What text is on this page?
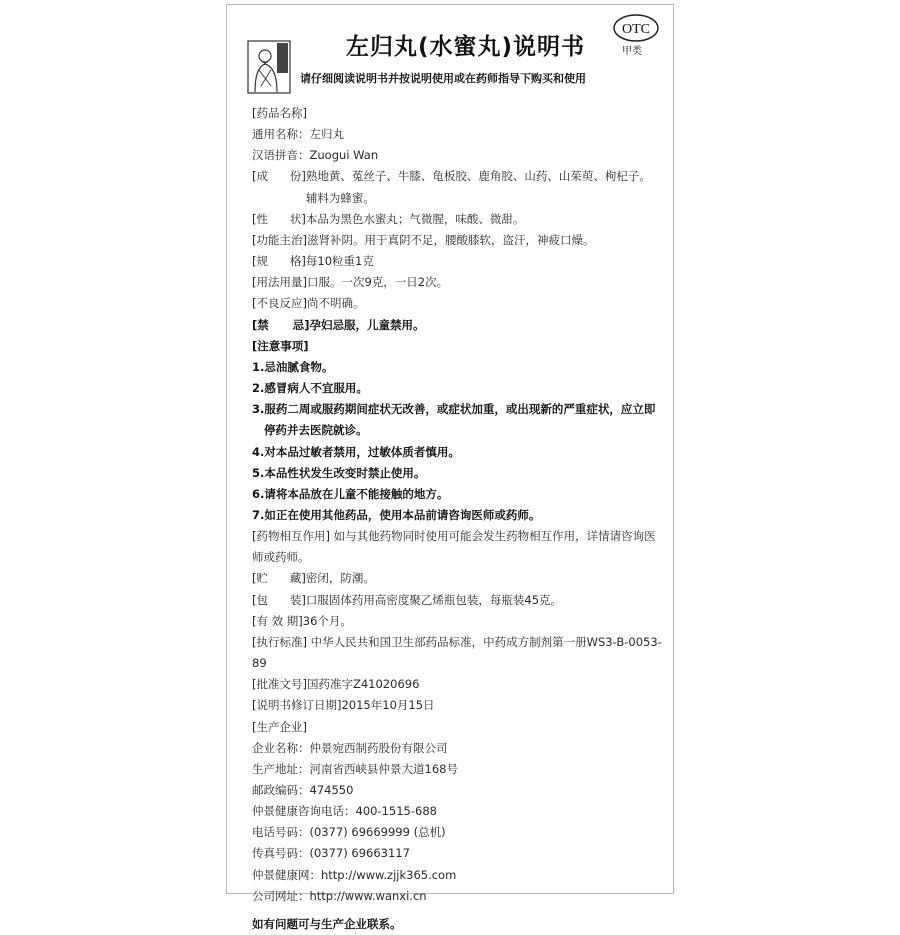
左归丸(水蜜丸)说明书
OTC
甲类
请仔细阅读说明书并按说明使用或在药师指导下购买和使用
[药品名称]
通用名称： 左归丸
汉语拼音： Zuogui Wan
[成      份] 熟地黄、菟丝子、牛膝、龟板胶、鹿角胶、山药、山茱萸、枸杞子。辅料为蜂蜜。
[性      状] 本品为黑色水蜜丸；气微腥，味酸、微甜。
[功能主治] 滋肾补阴。用于真阴不足，腰酸膝软，盗汗，神疲口燥。
[规      格] 每10粒重1克
[用法用量] 口服。一次9克，一日2次。
[不良反应] 尚不明确。
[禁      忌] 孕妇忌服，儿童禁用。
[注意事项]
1.忌油腻食物。
2.感冒病人不宜服用。
3.服药二周或服药期间症状无改善，或症状加重，或出现新的严重症状，应立即停药并去医院就诊。
4.对本品过敏者禁用，过敏体质者慎用。
5.本品性状发生改变时禁止使用。
6.请将本品放在儿童不能接触的地方。
7.如正在使用其他药品，使用本品前请咨询医师或药师。
[药物相互作用] 如与其他药物同时使用可能会发生药物相互作用，详情请咨询医师或药师。
[贮      藏] 密闭，防潮。
[包      装] 口服固体药用高密度聚乙烯瓶包装，每瓶装45克。
[有 效 期] 36个月。
[执行标准] 中华人民共和国卫生部药品标准，中药成方制剂第一册WS3-B-0053-89
[批准文号] 国药准字Z41020696
[说明书修订日期] 2015年10月15日
[生产企业]
企业名称： 仲景宛西制药股份有限公司
生产地址： 河南省西峡县仲景大道168号
邮政编码： 474550
仲景健康咨询电话： 400-1515-688
电话号码： (0377) 69669999 (总机)
传真号码： (0377) 69663117
仲景健康网： http://www.zjjk365.com
公司网址： http://www.wanxi.cn
如有问题可与生产企业联系。
